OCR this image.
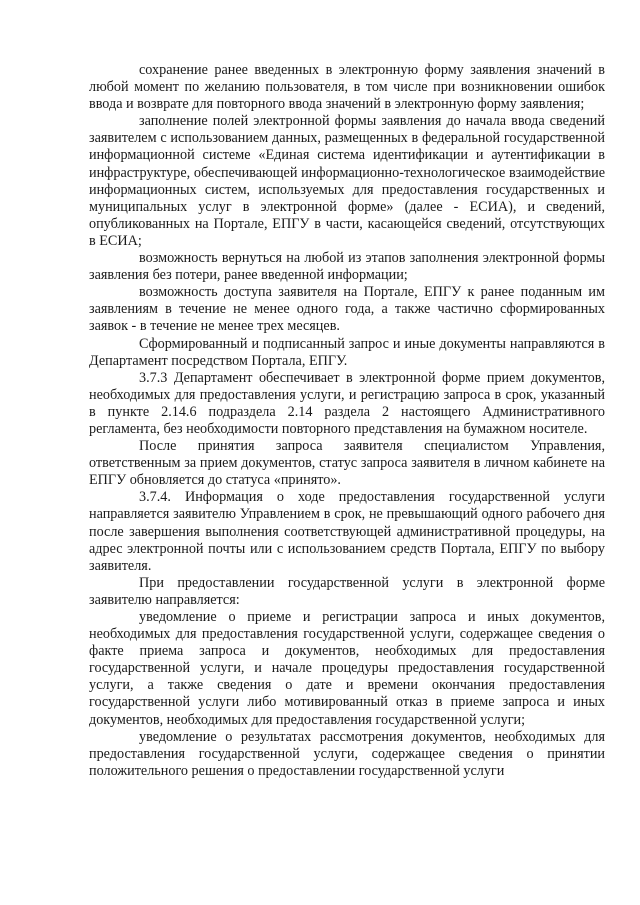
сохранение ранее введенных в электронную форму заявления значений в любой момент по желанию пользователя, в том числе при возникновении ошибок ввода и возврате для повторного ввода значений в электронную форму заявления;

заполнение полей электронной формы заявления до начала ввода сведений заявителем с использованием данных, размещенных в федеральной государственной информационной системе «Единая система идентификации и аутентификации в инфраструктуре, обеспечивающей информационно-технологическое взаимодействие информационных систем, используемых для предоставления государственных и муниципальных услуг в электронной форме» (далее - ЕСИА), и сведений, опубликованных на Портале, ЕПГУ в части, касающейся сведений, отсутствующих в ЕСИА;

возможность вернуться на любой из этапов заполнения электронной формы заявления без потери, ранее введенной информации;

возможность доступа заявителя на Портале, ЕПГУ к ранее поданным им заявлениям в течение не менее одного года, а также частично сформированных заявок - в течение не менее трех месяцев.

Сформированный и подписанный запрос и иные документы направляются в Департамент посредством Портала, ЕПГУ.

3.7.3 Департамент обеспечивает в электронной форме прием документов, необходимых для предоставления услуги, и регистрацию запроса в срок, указанный в пункте 2.14.6 подраздела 2.14 раздела 2 настоящего Административного регламента, без необходимости повторного представления на бумажном носителе.

После принятия запроса заявителя специалистом Управления, ответственным за прием документов, статус запроса заявителя в личном кабинете на ЕПГУ обновляется до статуса «принято».

3.7.4. Информация о ходе предоставления государственной услуги направляется заявителю Управлением в срок, не превышающий одного рабочего дня после завершения выполнения соответствующей административной процедуры, на адрес электронной почты или с использованием средств Портала, ЕПГУ по выбору заявителя.

При предоставлении государственной услуги в электронной форме заявителю направляется:

уведомление о приеме и регистрации запроса и иных документов, необходимых для предоставления государственной услуги, содержащее сведения о факте приема запроса и документов, необходимых для предоставления государственной услуги, и начале процедуры предоставления государственной услуги, а также сведения о дате и времени окончания предоставления государственной услуги либо мотивированный отказ в приеме запроса и иных документов, необходимых для предоставления государственной услуги;

уведомление о результатах рассмотрения документов, необходимых для предоставления государственной услуги, содержащее сведения о принятии положительного решения о предоставлении государственной услуги
